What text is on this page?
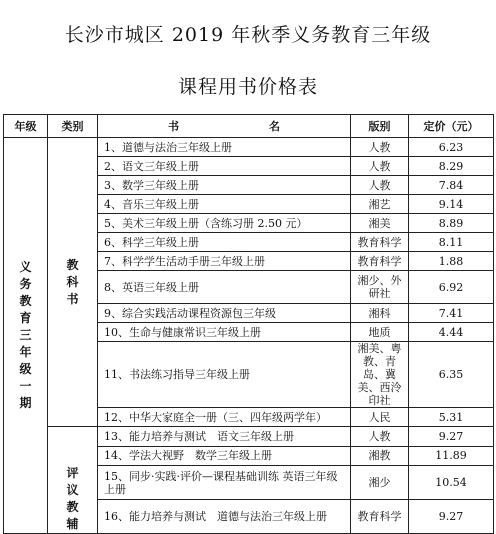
长沙市城区 2019 年秋季义务教育三年级
课程用书价格表
年级	类别	书 名	版别	定价（元）
义务教育三年级一期	教科书	1、道德与法治三年级上册	人教	6.23
		2、语文三年级上册	人教	8.29
		3、数学三年级上册	人教	7.84
		4、音乐三年级上册	湘艺	9.14
		5、美术三年级上册（含练习册 2.50 元）	湘美	8.89
		6、科学三年级上册	教育科学	8.11
		7、科学学生活动手册三年级上册	教育科学	1.88
		8、英语三年级上册	湘少、外研社	6.92
		9、综合实践活动课程资源包三年级	湘科	7.41
		10、生命与健康常识三年级上册	地质	4.44
		11、书法练习指导三年级上册	湘美、粤教、青岛、冀美、西泠印社	6.35
		12、中华大家庭全一册（三、四年级两学年）	人民	5.31
	评议教辅	13、能力培养与测试　语文三年级上册	人教	9.27
		14、学法大视野　数学三年级上册	湘教	11.89
		15、同步·实践·评价—课程基础训练 英语三年级上册	湘少	10.54
		16、能力培养与测试　道德与法治三年级上册	教育科学	9.27
